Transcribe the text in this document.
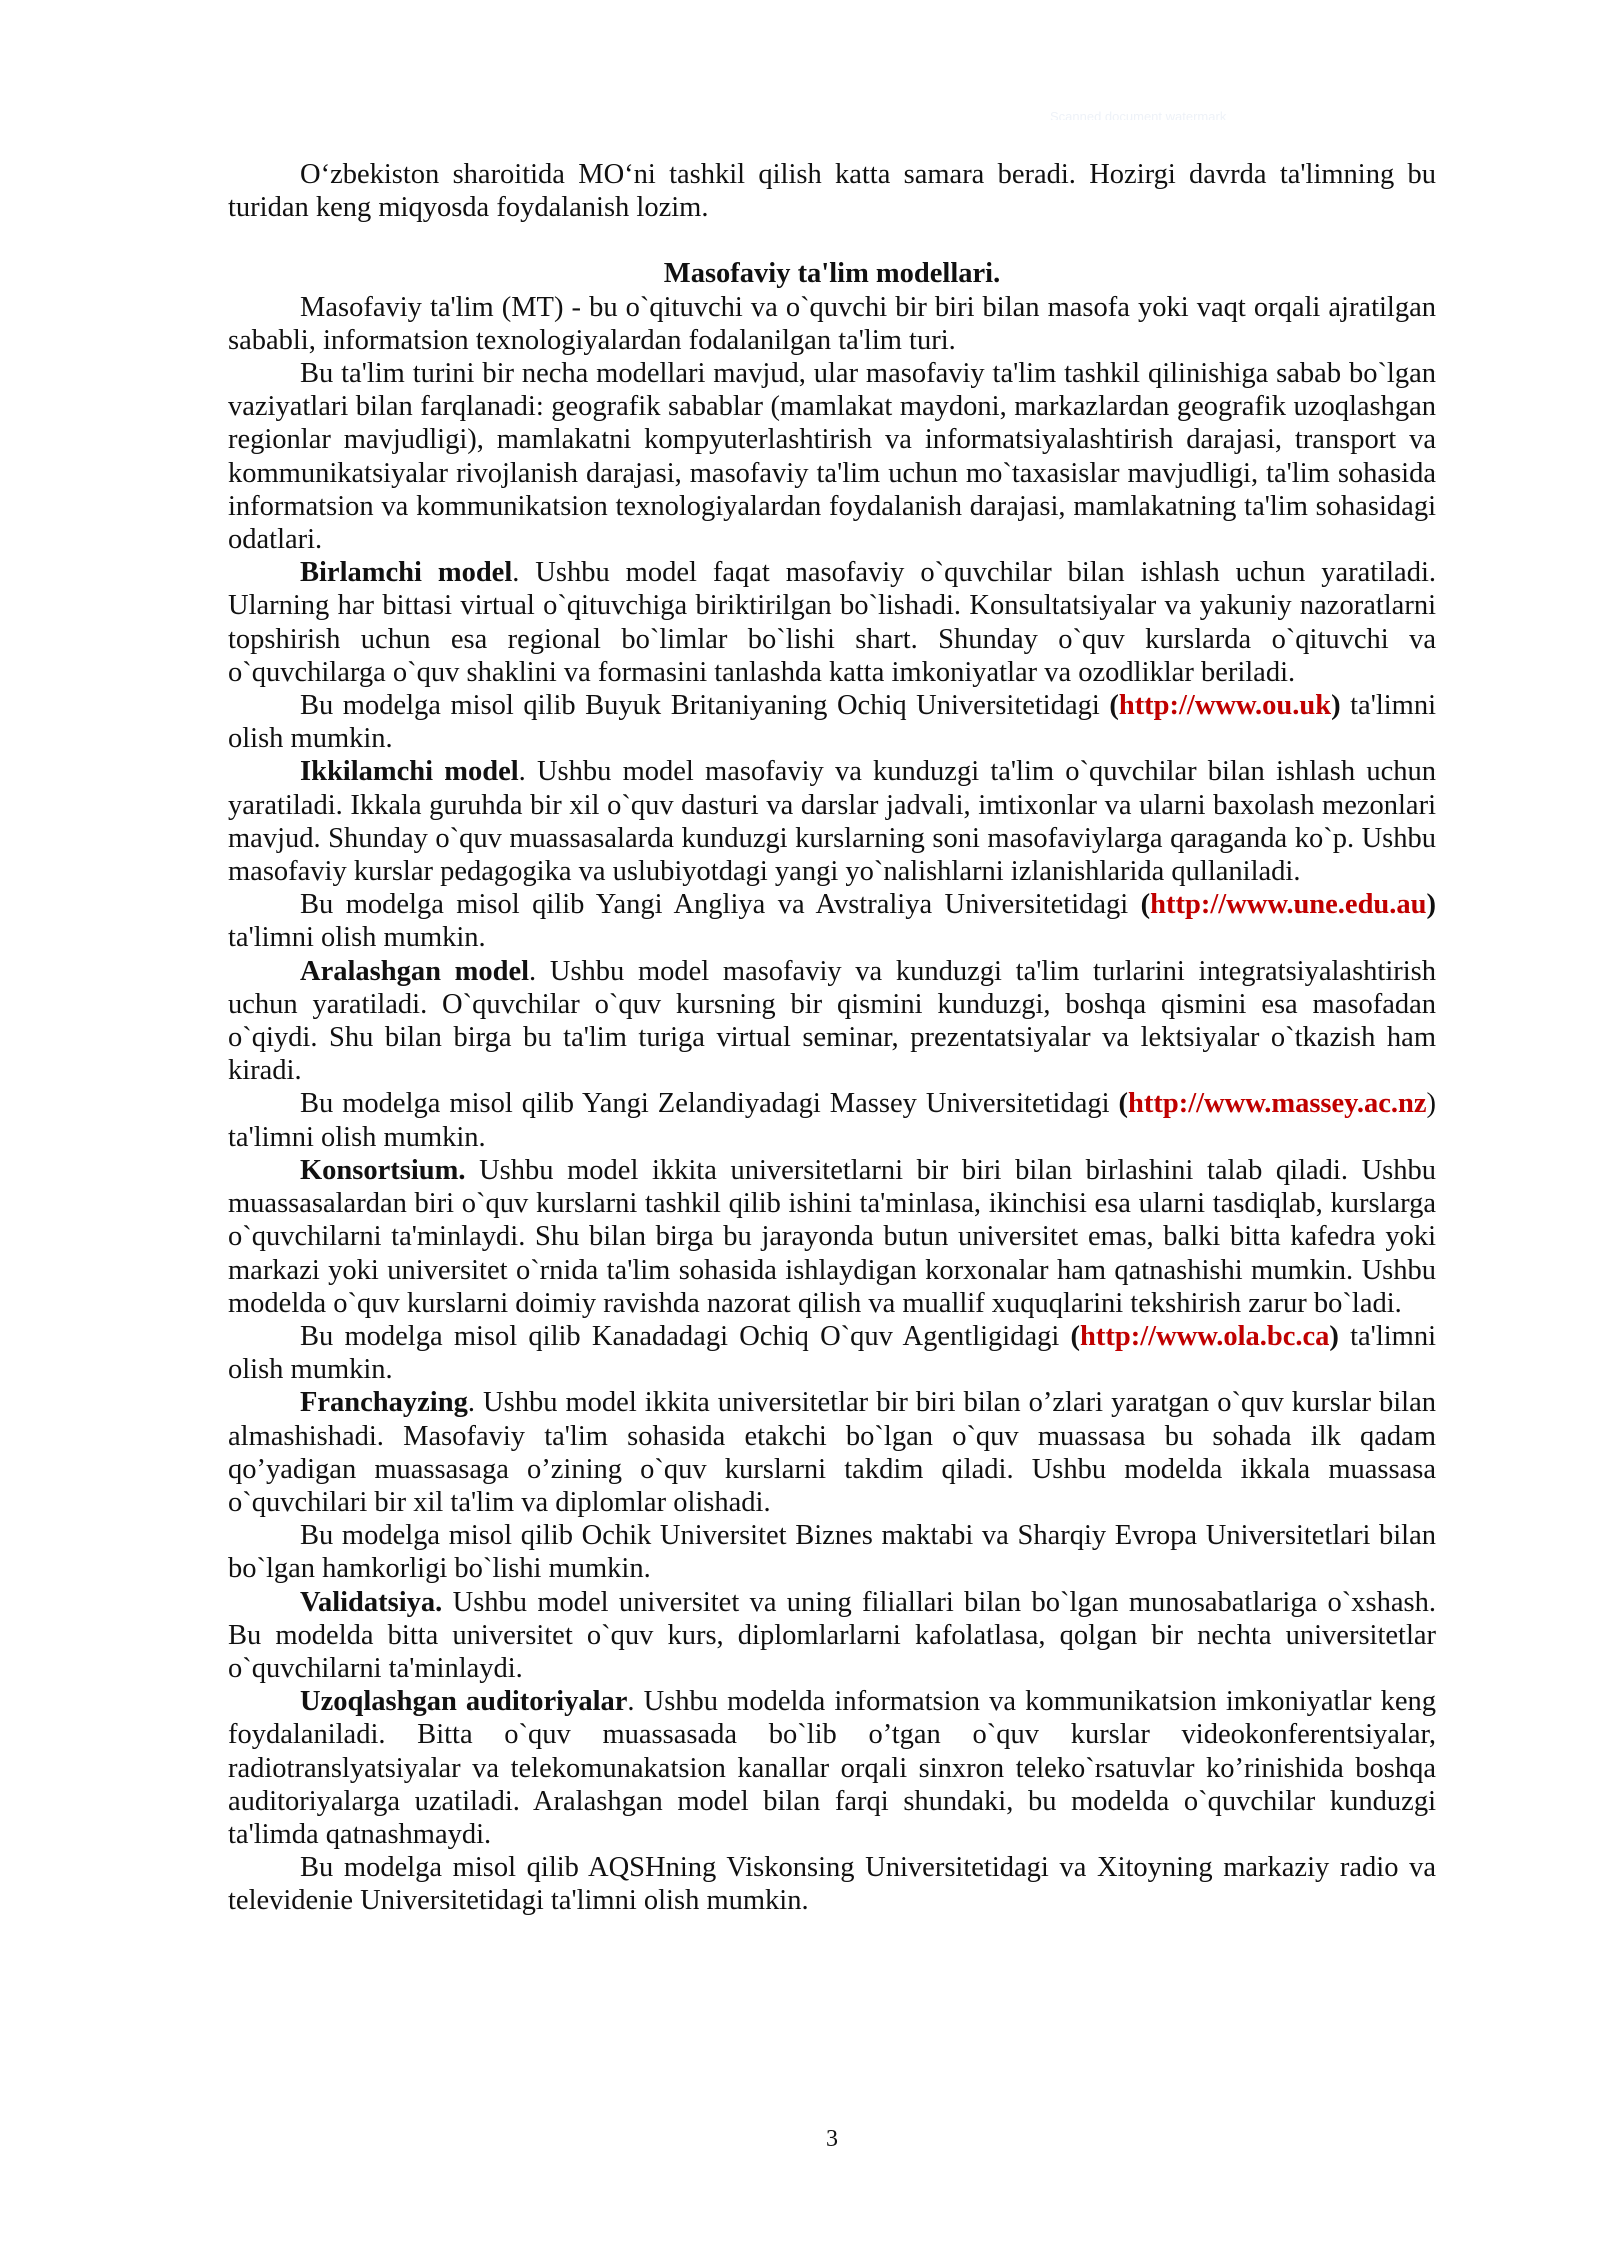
Scanned document watermark

O‘zbekiston sharoitida MO‘ni tashkil qilish katta samara beradi. Hozirgi davrda ta'limning bu turidan keng miqyosda foydalanish lozim.

Masofaviy ta'lim modellari.

Masofaviy ta'lim (MT) - bu o`qituvchi va o`quvchi bir biri bilan masofa yoki vaqt orqali ajratilgan sababli, informatsion texnologiyalardan fodalanilgan ta'lim turi.

Bu ta'lim turini bir necha modellari mavjud, ular masofaviy ta'lim tashkil qilinishiga sabab bo`lgan vaziyatlari bilan farqlanadi: geografik sabablar (mamlakat maydoni, markazlardan geografik uzoqlashgan regionlar mavjudligi), mamlakatni kompyuterlashtirish va informatsiyalashtirish darajasi, transport va kommunikatsiyalar rivojlanish darajasi, masofaviy ta'lim uchun mo`taxasislar mavjudligi, ta'lim sohasida informatsion va kommunikatsion texnologiyalardan foydalanish darajasi, mamlakatning ta'lim sohasidagi odatlari.

Birlamchi model. Ushbu model faqat masofaviy o`quvchilar bilan ishlash uchun yaratiladi. Ularning har bittasi virtual o`qituvchiga biriktirilgan bo`lishadi. Konsultatsiyalar va yakuniy nazoratlarni topshirish uchun esa regional bo`limlar bo`lishi shart. Shunday o`quv kurslarda o`qituvchi va o`quvchilarga o`quv shaklini va formasini tanlashda katta imkoniyatlar va ozodliklar beriladi.

Bu modelga misol qilib Buyuk Britaniyaning Ochiq Universitetidagi (http://www.ou.uk) ta'limni olish mumkin.

Ikkilamchi model. Ushbu model masofaviy va kunduzgi ta'lim o`quvchilar bilan ishlash uchun yaratiladi. Ikkala guruhda bir xil o`quv dasturi va darslar jadvali, imtixonlar va ularni baxolash mezonlari mavjud. Shunday o`quv muassasalarda kunduzgi kurslarning soni masofaviylarga qaraganda ko`p. Ushbu masofaviy kurslar pedagogika va uslubiyotdagi yangi yo`nalishlarni izlanishlarida qullaniladi.

Bu modelga misol qilib Yangi Angliya va Avstraliya Universitetidagi (http://www.une.edu.au) ta'limni olish mumkin.

Aralashgan model. Ushbu model masofaviy va kunduzgi ta'lim turlarini integratsiyalashtirish uchun yaratiladi. O`quvchilar o`quv kursning bir qismini kunduzgi, boshqa qismini esa masofadan o`qiydi. Shu bilan birga bu ta'lim turiga virtual seminar, prezentatsiyalar va lektsiyalar o`tkazish ham kiradi.

Bu modelga misol qilib Yangi Zelandiyadagi Massey Universitetidagi (http://www.massey.ac.nz) ta'limni olish mumkin.

Konsortsium. Ushbu model ikkita universitetlarni bir biri bilan birlashini talab qiladi. Ushbu muassasalardan biri o`quv kurslarni tashkil qilib ishini ta'minlasa, ikinchisi esa ularni tasdiqlab, kurslarga o`quvchilarni ta'minlaydi. Shu bilan birga bu jarayonda butun universitet emas, balki bitta kafedra yoki markazi yoki universitet o`rnida ta'lim sohasida ishlaydigan korxonalar ham qatnashishi mumkin. Ushbu modelda o`quv kurslarni doimiy ravishda nazorat qilish va muallif xuquqlarini tekshirish zarur bo`ladi.

Bu modelga misol qilib Kanadadagi Ochiq O`quv Agentligidagi (http://www.ola.bc.ca) ta'limni olish mumkin.

Franchayzing. Ushbu model ikkita universitetlar bir biri bilan o’zlari yaratgan o`quv kurslar bilan almashishadi. Masofaviy ta'lim sohasida etakchi bo`lgan o`quv muassasa bu sohada ilk qadam qo’yadigan muassasaga o’zining o`quv kurslarni takdim qiladi. Ushbu modelda ikkala muassasa o`quvchilari bir xil ta'lim va diplomlar olishadi.

Bu modelga misol qilib Ochik Universitet Biznes maktabi va Sharqiy Evropa Universitetlari bilan bo`lgan hamkorligi bo`lishi mumkin.

Validatsiya. Ushbu model universitet va uning filiallari bilan bo`lgan munosabatlariga o`xshash. Bu modelda bitta universitet o`quv kurs, diplomlarlarni kafolatlasa, qolgan bir nechta universitetlar o`quvchilarni ta'minlaydi.

Uzoqlashgan auditoriyalar. Ushbu modelda informatsion va kommunikatsion imkoniyatlar keng foydalaniladi. Bitta o`quv muassasada bo`lib o’tgan o`quv kurslar videokonferentsiyalar, radiotranslyatsiyalar va telekomunakatsion kanallar orqali sinxron teleko`rsatuvlar ko’rinishida boshqa auditoriyalarga uzatiladi. Aralashgan model bilan farqi shundaki, bu modelda o`quvchilar kunduzgi ta'limda qatnashmaydi.

Bu modelga misol qilib AQSHning Viskonsing Universitetidagi va Xitoyning markaziy radio va televidenie Universitetidagi ta'limni olish mumkin.

3
